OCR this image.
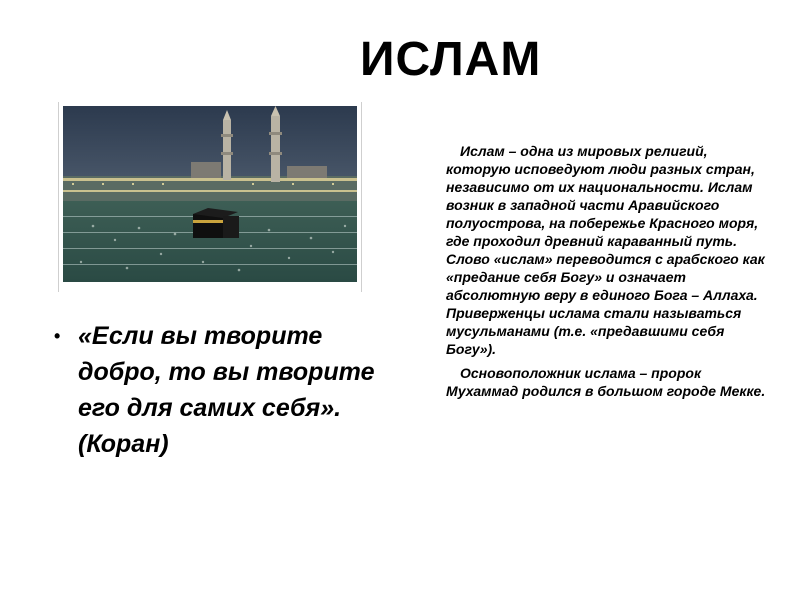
ИСЛАМ
• «Если вы творите добро, то вы творите его для самих себя». (Коран)

Ислам – одна из мировых религий, которую исповедуют люди разных стран, независимо от их национальности. Ислам возник в западной части Аравийского полуострова, на побережье Красного моря, где проходил древний караванный путь. Слово «ислам» переводится с арабского как «предание себя Богу» и означает абсолютную веру в единого Бога – Аллаха. Приверженцы ислама стали называться мусульманами (т.е. «предавшими себя Богу»).

Основоположник ислама – пророк Мухаммад родился в большом городе Мекке.
